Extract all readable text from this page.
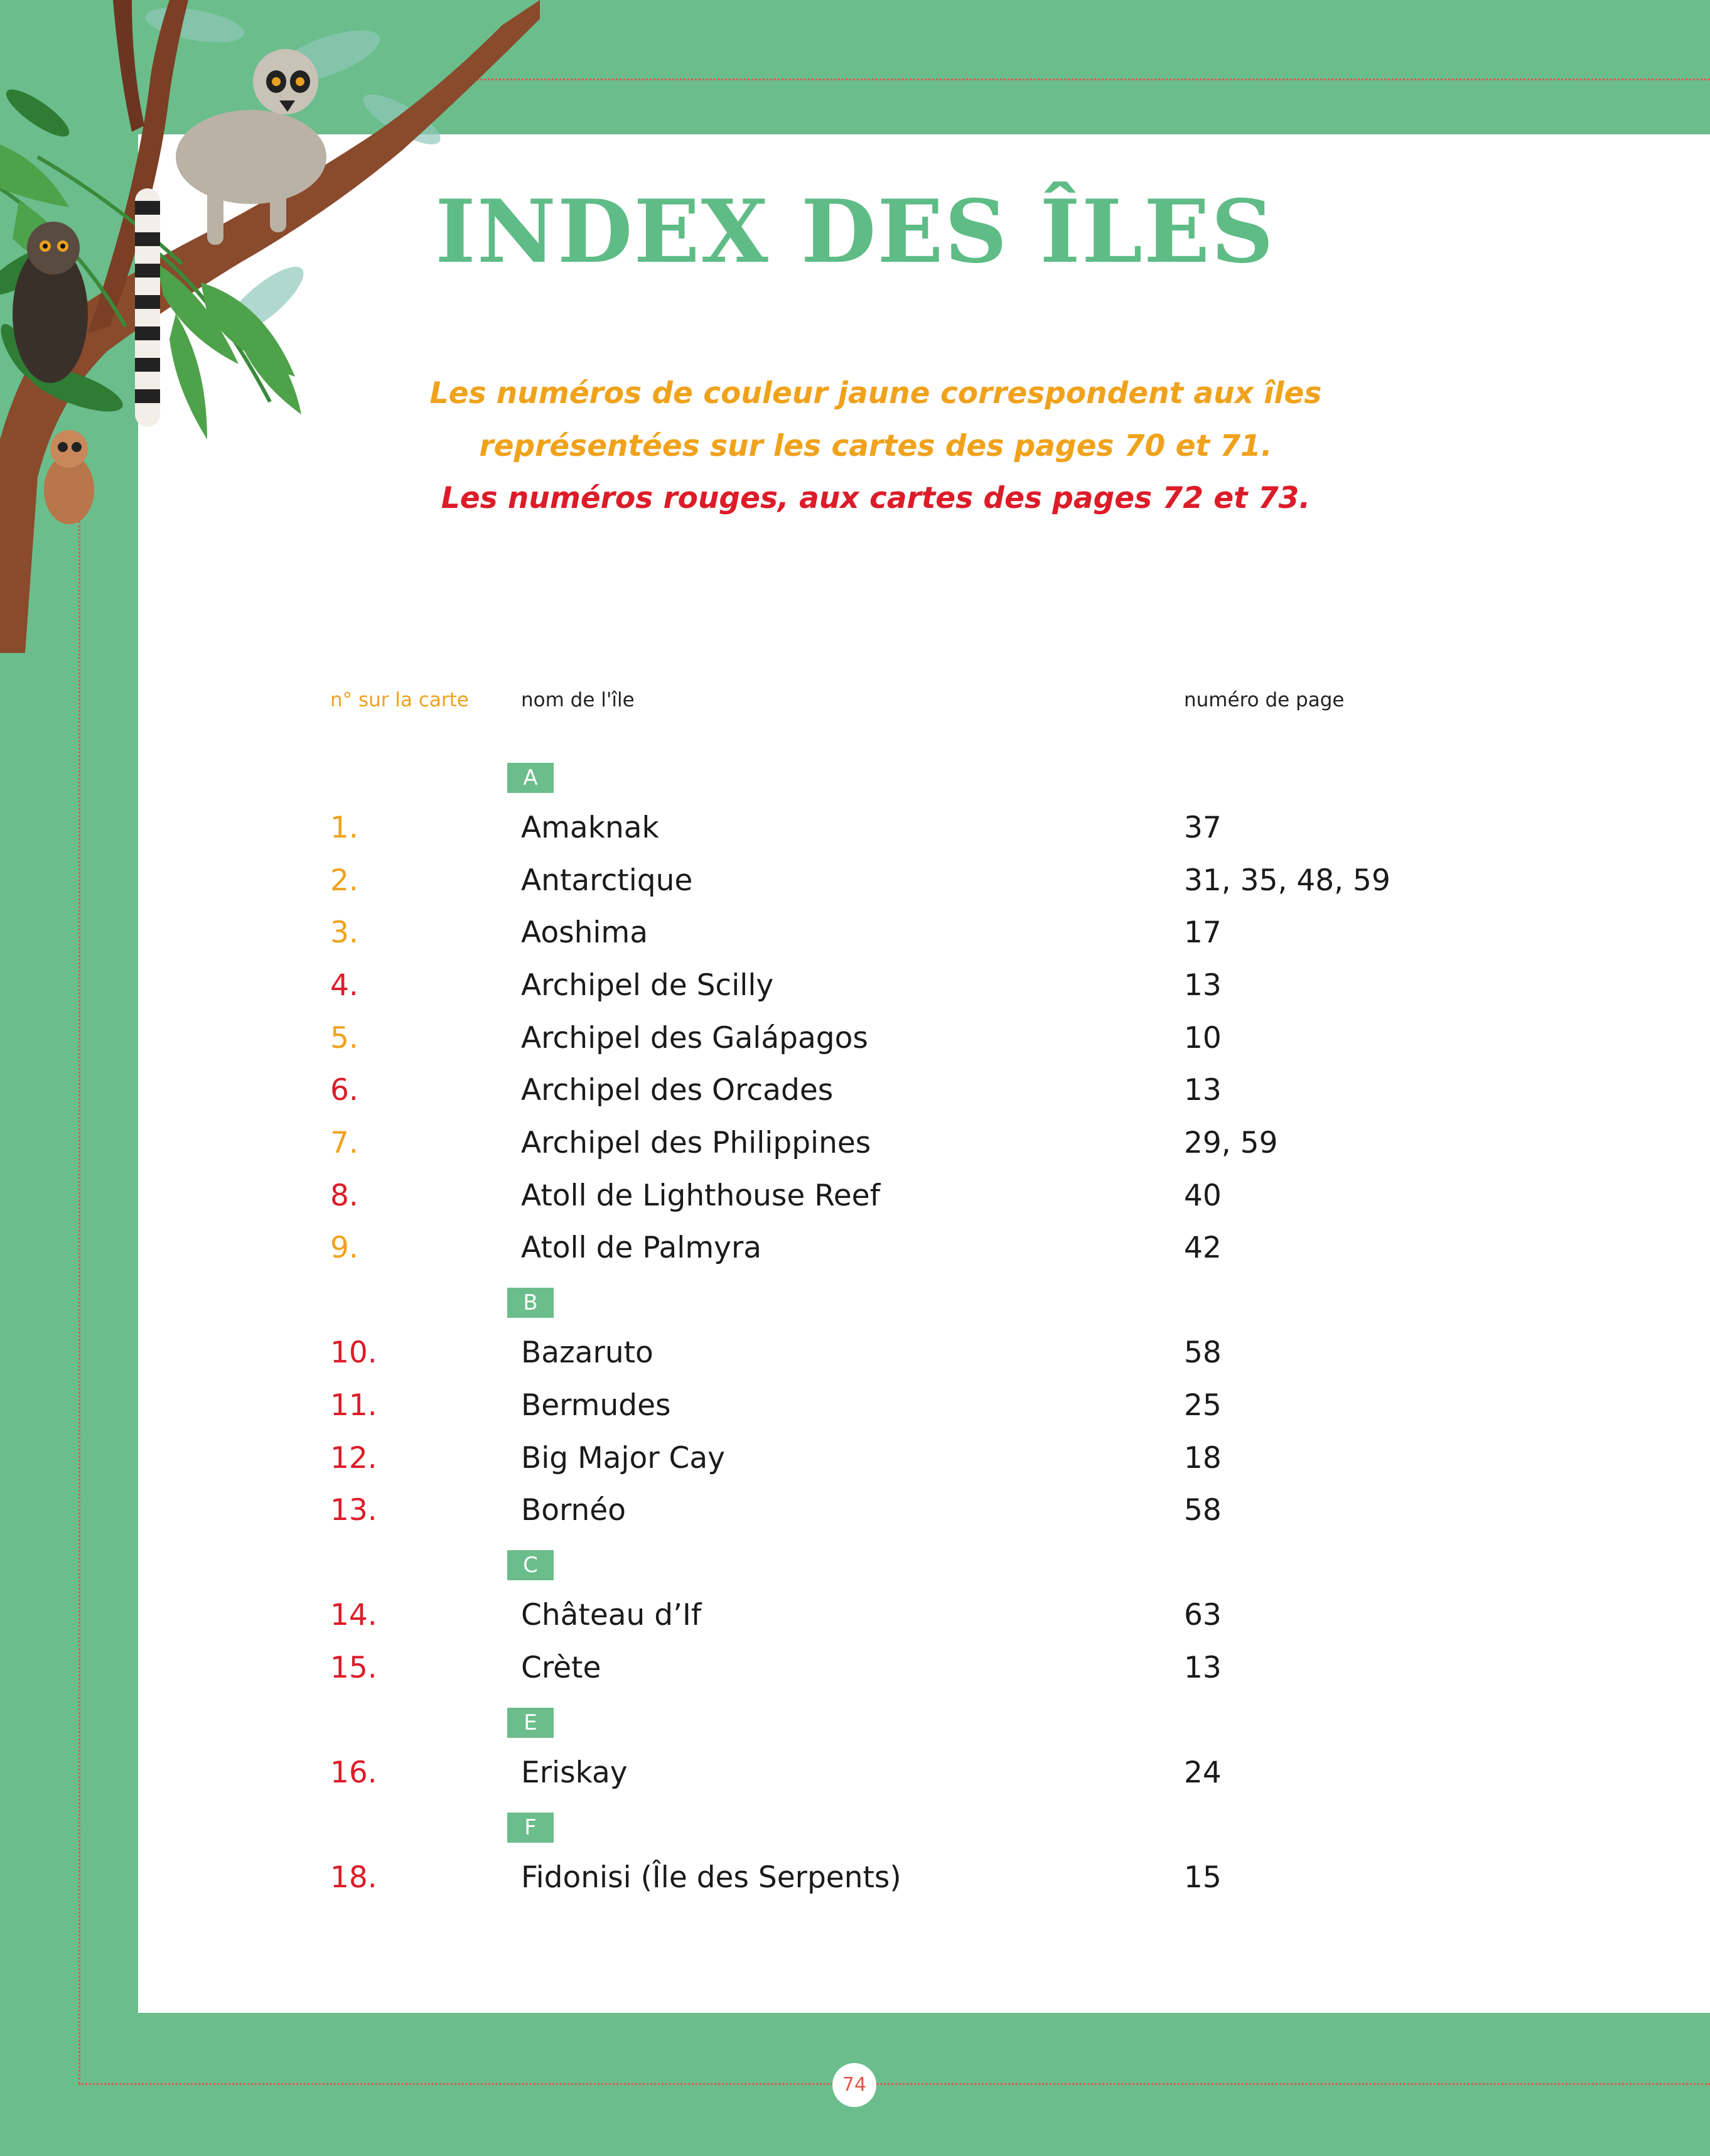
INDEX DES ÎLES
Les numéros de couleur jaune correspondent aux îles
représentées sur les cartes des pages 70 et 71.
Les numéros rouges, aux cartes des pages 72 et 73.
n° sur la carte	nom de l'île	numéro de page
A
B
C
E
F
1.	Amaknak	37
2.	Antarctique	31, 35, 48, 59
3.	Aoshima	17
4.	Archipel de Scilly	13
5.	Archipel des Galápagos	10
6.	Archipel des Orcades	13
7.	Archipel des Philippines	29, 59
8.	Atoll de Lighthouse Reef	40
9.	Atoll de Palmyra	42
10.	Bazaruto	58
11.	Bermudes	25
12.	Big Major Cay	18
13.	Bornéo	58
14.	Château d’If	63
15.	Crète	13
16.	Eriskay	24
18.	Fidonisi (Île des Serpents)	15
74
